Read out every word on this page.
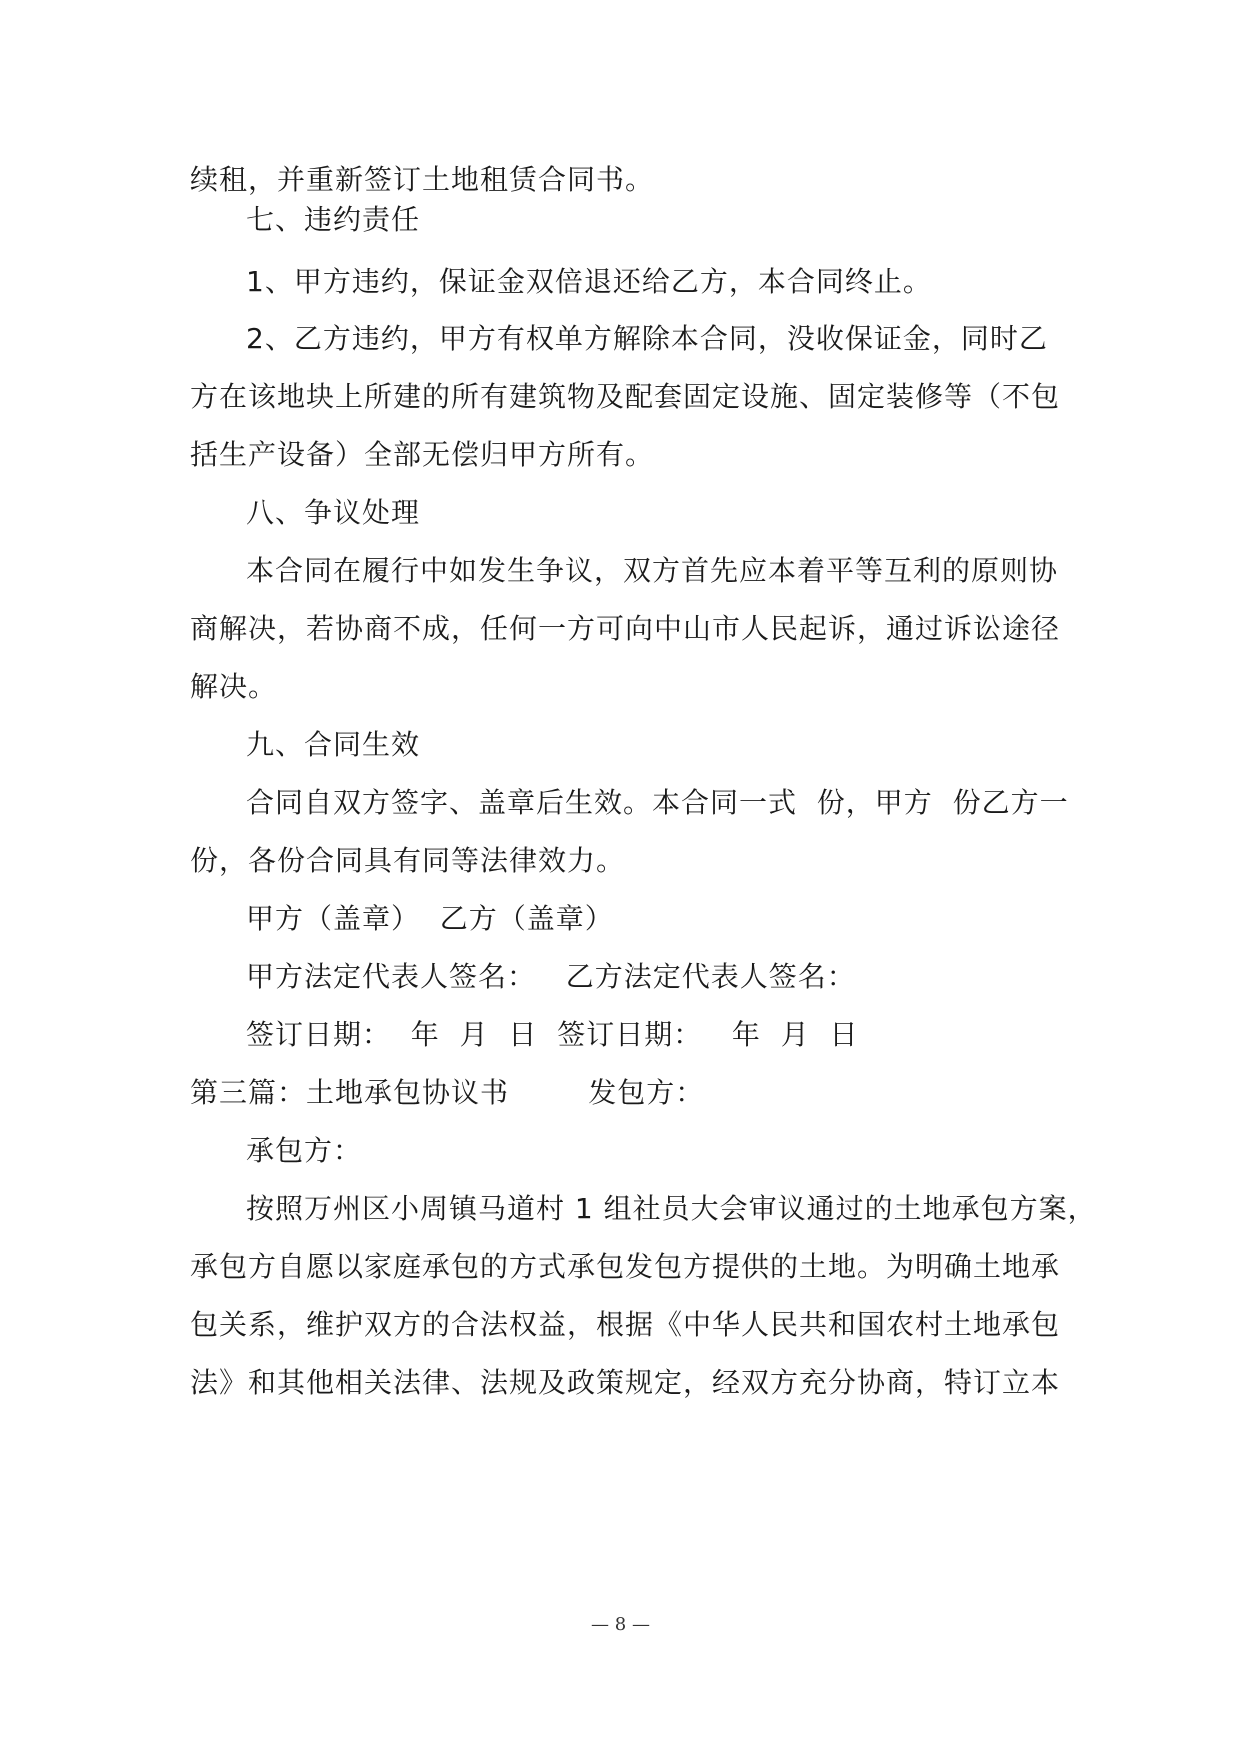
续租，并重新签订土地租赁合同书。
七、违约责任
1、甲方违约，保证金双倍退还给乙方，本合同终止。
2、乙方违约，甲方有权单方解除本合同，没收保证金，同时乙
方在该地块上所建的所有建筑物及配套固定设施、固定装修等（不包
括生产设备）全部无偿归甲方所有。
八、争议处理
本合同在履行中如发生争议，双方首先应本着平等互利的原则协
商解决，若协商不成，任何一方可向中山市人民起诉，通过诉讼途径
解决。
九、合同生效
合同自双方签字、盖章后生效。本合同一式  份，甲方  份乙方一
份，各份合同具有同等法律效力。
甲方（盖章）  乙方（盖章）
甲方法定代表人签名：   乙方法定代表人签名：
签订日期：  年  月  日  签订日期：   年  月  日
第三篇：土地承包协议书        发包方：
承包方：
按照万州区小周镇马道村 1 组社员大会审议通过的土地承包方案，
承包方自愿以家庭承包的方式承包发包方提供的土地。为明确土地承
包关系，维护双方的合法权益，根据《中华人民共和国农村土地承包
法》和其他相关法律、法规及政策规定，经双方充分协商，特订立本
— 8 —
